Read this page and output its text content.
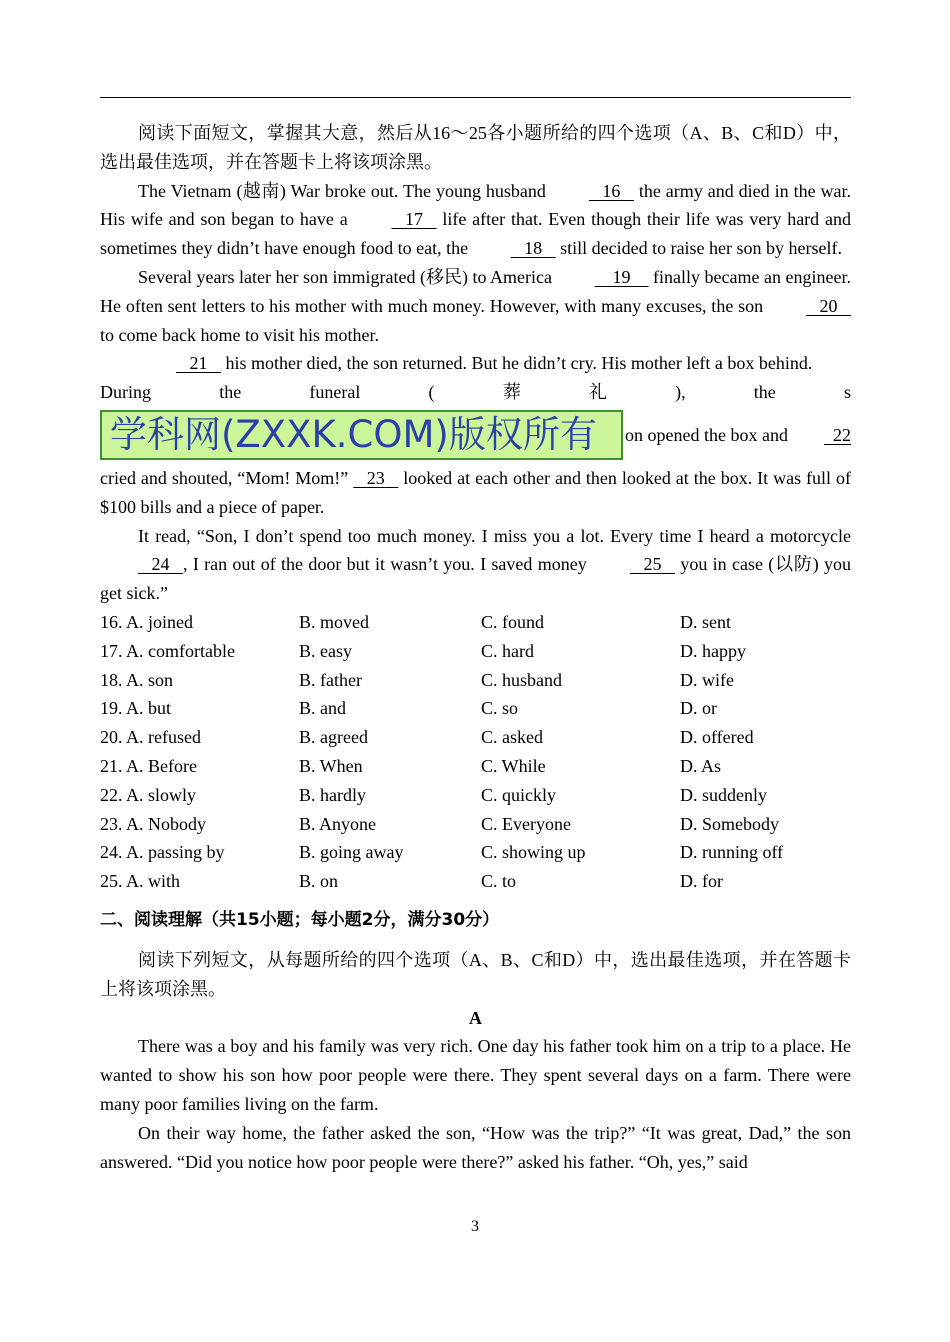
阅读下面短文，掌握其大意，然后从16～25各小题所给的四个选项（A、B、C和D）中，选出最佳选项，并在答题卡上将该项涂黑。

The Vietnam (越南) War broke out. The young husband	16    the army and died in the war. His wife and son began to have a	17    life after that. Even though their life was very hard and sometimes they didn’t have enough food to eat, the	18    still decided to raise her son by herself.

Several years later her son immigrated (移民) to America	19     finally became an engineer. He often sent letters to his mother with much money. However, with many excuses, the son	20    to come back home to visit his mother.

21    his mother died, the son returned. But he didn’t cry. His mother left a box behind.

During	the	funeral	(	葬	礼	),	the	s
学科网(ZXXK.COM)版权所有	on opened the box and	22

cried and shouted, “Mom! Mom!”    23    looked at each other and then looked at the box. It was full of $100 bills and a piece of paper.

It read, “Son, I don’t spend too much money. I miss you a lot. Every time I heard a motorcycle    24 , I ran out of the door but it wasn’t you. I saved money	25    you in case (以防) you get sick.”

16. A. joined	B. moved	C. found	D. sent
17. A. comfortable	B. easy	C. hard	D. happy
18. A. son	B. father	C. husband	D. wife
19. A. but	B. and	C. so	D. or
20. A. refused	B. agreed	C. asked	D. offered
21. A. Before	B. When	C. While	D. As
22. A. slowly	B. hardly	C. quickly	D. suddenly
23. A. Nobody	B. Anyone	C. Everyone	D. Somebody
24. A. passing by	B. going away	C. showing up	D. running off
25. A. with	B. on	C. to	D. for
二、阅读理解（共15小题；每小题2分，满分30分）

阅读下列短文，从每题所给的四个选项（A、B、C和D）中，选出最佳选项，并在答题卡上将该项涂黑。

A

There was a boy and his family was very rich. One day his father took him on a trip to a place. He wanted to show his son how poor people were there. They spent several days on a farm. There were many poor families living on the farm.

On their way home, the father asked the son, “How was the trip?” “It was great, Dad,” the son answered. “Did you notice how poor people were there?” asked his father. “Oh, yes,” said

3
